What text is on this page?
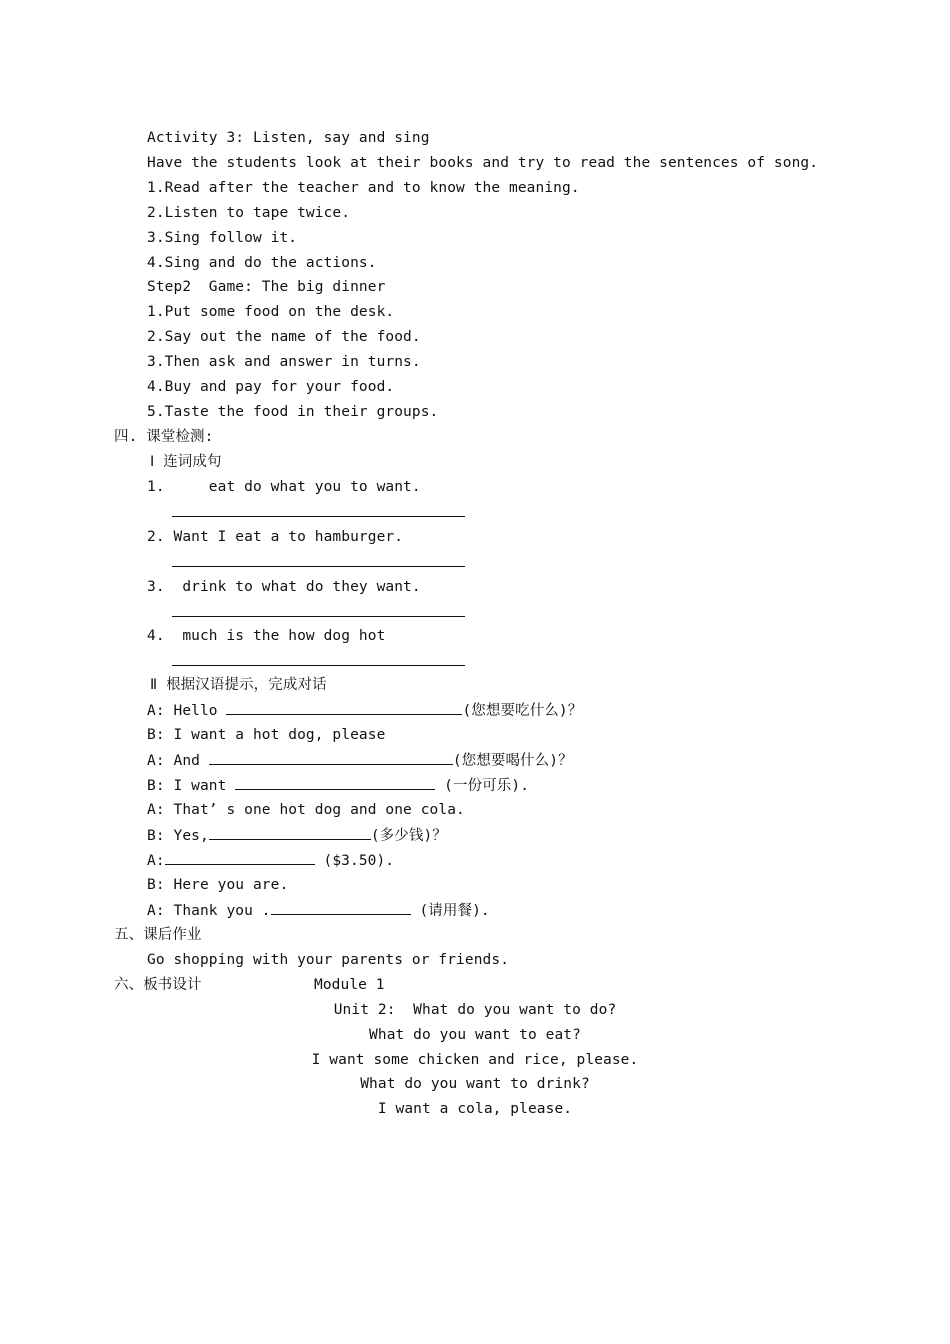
Activity 3: Listen, say and sing
Have the students look at their books and try to read the sentences of song.
1.Read after the teacher and to know the meaning.
2.Listen to tape twice.
3.Sing follow it.
4.Sing and do the actions.
Step2  Game: The big dinner
1.Put some food on the desk.
2.Say out the name of the food.
3.Then ask and answer in turns.
4.Buy and pay for your food.
5.Taste the food in their groups.
四. 课堂检测:
Ⅰ 连词成句
1.     eat do what you to want.
2. Want I eat a to hamburger.
3.  drink to what do they want.
4.  much is the how dog hot
Ⅱ 根据汉语提示，完成对话
A: Hello	(您想要吃什么)？
B: I want a hot dog, please
A: And	(您想要喝什么)？
B: I want	(一份可乐).
A: That’ s one hot dog and one cola.
B: Yes,	(多少钱)？
A:	($3.50).
B: Here you are.
A: Thank you .	(请用餐).
五、课后作业
Go shopping with your parents or friends.
六、板书设计	Module 1
Unit 2:  What do you want to do?
What do you want to eat?
I want some chicken and rice, please.
What do you want to drink?
I want a cola, please.
